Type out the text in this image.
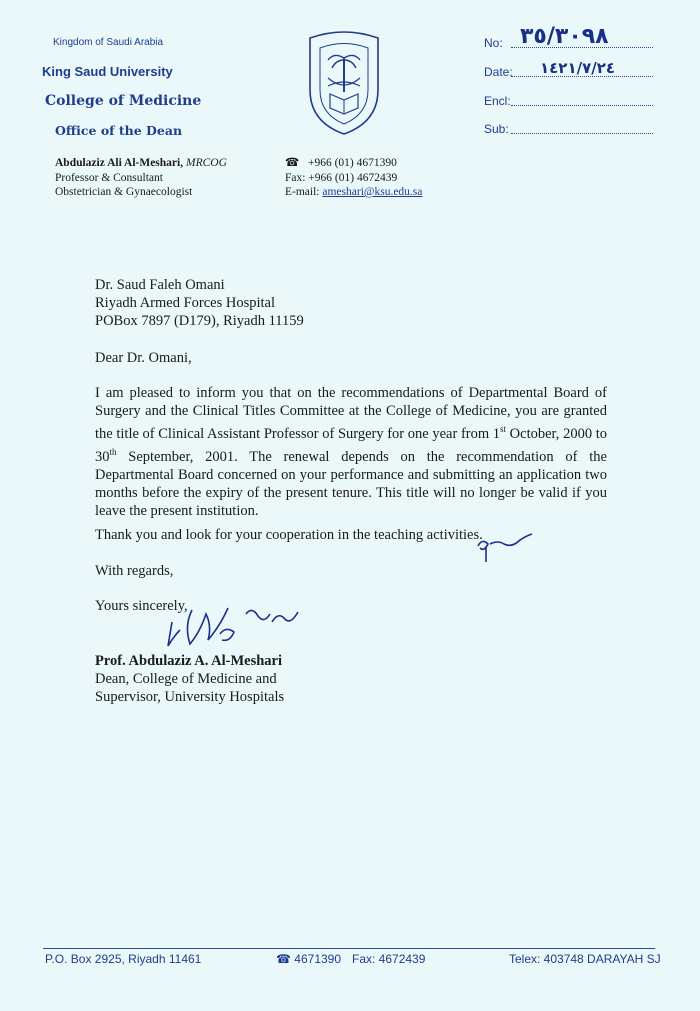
Kingdom of Saudi Arabia
King Saud University
College of Medicine
Office of the Dean
Abdulaziz Ali Al-Meshari, MRCOG
Professor & Consultant
Obstetrician & Gynaecologist
☎ +966 (01) 4671390
Fax: +966 (01) 4672439
E-mail: ameshari@ksu.edu.sa
No: ٣٥/٣٠٩٨
Date: ١٤٢١/٧/٢٤
Encl:
Sub:
Dr. Saud Faleh Omani
Riyadh Armed Forces Hospital
POBox 7897 (D179), Riyadh 11159
Dear Dr. Omani,
I am pleased to inform you that on the recommendations of Departmental Board of Surgery and the Clinical Titles Committee at the College of Medicine, you are granted the title of Clinical Assistant Professor of Surgery for one year from 1st October, 2000 to 30th September, 2001. The renewal depends on the recommendation of the Departmental Board concerned on your performance and submitting an application two months before the expiry of the present tenure. This title will no longer be valid if you leave the present institution.
Thank you and look for your cooperation in the teaching activities.
With regards,
Yours sincerely,
Prof. Abdulaziz A. Al-Meshari
Dean, College of Medicine and
Supervisor, University Hospitals
P.O. Box 2925, Riyadh 11461	☎ 4671390 Fax: 4672439	Telex: 403748 DARAYAH SJ
